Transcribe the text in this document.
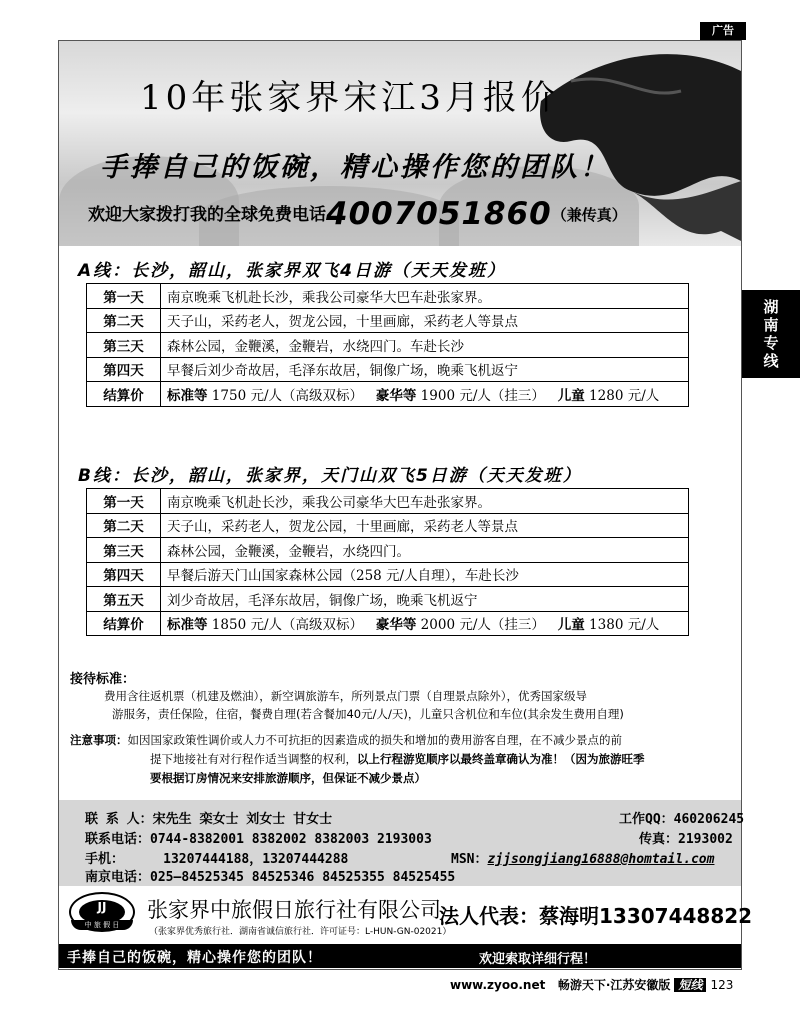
广告
10年张家界宋江3月报价
手捧自己的饭碗，精心操作您的团队！
欢迎大家拨打我的全球免费电话4007051860（兼传真）
湖
南
专
线
A线：长沙，韶山，张家界双飞4日游（天天发班）
第一天	南京晚乘飞机赴长沙，乘我公司豪华大巴车赴张家界。
第二天	天子山，采药老人，贺龙公园，十里画廊，采药老人等景点
第三天	森林公园，金鞭溪，金鞭岩，水绕四门。车赴长沙
第四天	早餐后刘少奇故居，毛泽东故居，铜像广场，晚乘飞机返宁
结算价	标准等 1750 元/人（高级双标） 豪华等 1900 元/人（挂三） 儿童 1280 元/人
B线：长沙，韶山，张家界，天门山双飞5日游（天天发班）
第一天	南京晚乘飞机赴长沙，乘我公司豪华大巴车赴张家界。
第二天	天子山，采药老人，贺龙公园，十里画廊，采药老人等景点
第三天	森林公园，金鞭溪，金鞭岩，水绕四门。
第四天	早餐后游天门山国家森林公园（258 元/人自理），车赴长沙
第五天	刘少奇故居，毛泽东故居，铜像广场，晚乘飞机返宁
结算价	标准等 1850 元/人（高级双标） 豪华等 2000 元/人（挂三） 儿童 1380 元/人
接待标准：

费用含往返机票（机建及燃油），新空调旅游车，所列景点门票（自理景点除外），优秀国家级导

游服务，责任保险，住宿，餐费自理(若含餐加40元/人/天)，儿童只含机位和车位(其余发生费用自理)

注意事项：如因国家政策性调价或人力不可抗拒的因素造成的损失和增加的费用游客自理，在不减少景点的前

提下地接社有对行程作适当调整的权利，以上行程游览顺序以最终盖章确认为准！（因为旅游旺季

要根据订房情况来安排旅游顺序，但保证不减少景点）

联 系 人：宋先生 栾女士 刘女士 甘女士	工作QQ：460206245
联系电话：0744-8382001 8382002 8382003 2193003	传真：2193002
手机：	13207444188，13207444288	MSN：zjjsongjiang16888@homtail.com
南京电话：025—84525345 84525346 84525355 84525455
JJ
中 旅 假 日
张家界中旅假日旅行社有限公司
（张家界优秀旅行社．湖南省诚信旅行社．许可证号：L-HUN-GN-02021）
法人代表：蔡海明13307448822
手捧自己的饭碗，精心操作您的团队！	欢迎索取详细行程！
www.zyoo.net 畅游天下·江苏安徽版 短线 123
